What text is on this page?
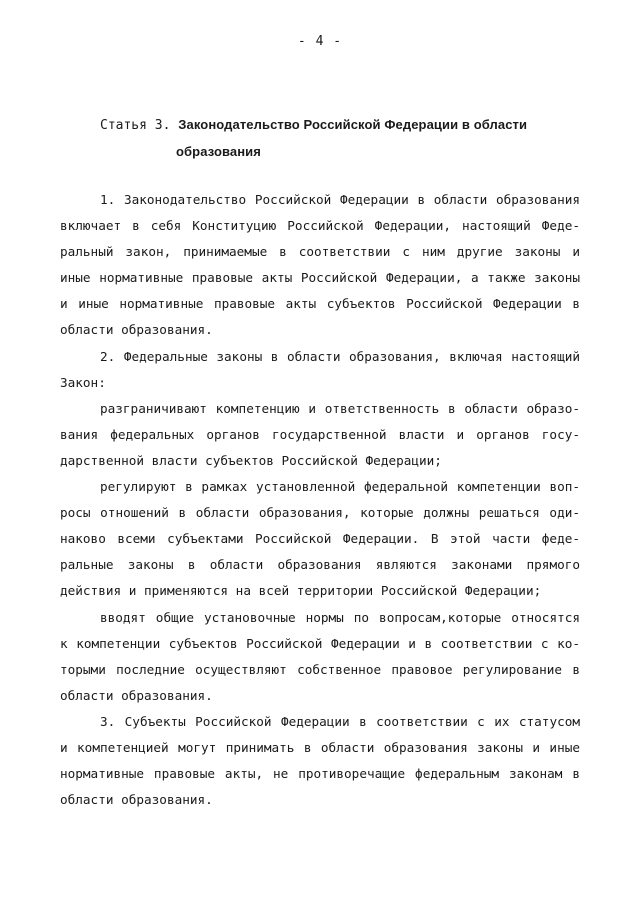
- 4 -
Статья 3. Законодательство Российской Федерации в области
образования
1. Законодательство Российской Федерации в области образования
включает в себя Конституцию Российской Федерации, настоящий Феде-
ральный закон, принимаемые в соответствии с ним другие законы и
иные нормативные правовые акты Российской Федерации, а также законы
и иные нормативные правовые акты субъектов Российской Федерации в
области образования.
2. Федеральные законы в области образования, включая настоящий
Закон:
разграничивают компетенцию и ответственность в области образо-
вания федеральных органов государственной власти и органов госу-
дарственной власти субъектов Российской Федерации;
регулируют в рамках установленной федеральной компетенции воп-
росы отношений в области образования, которые должны решаться оди-
наково всеми субъектами Российской Федерации. В этой части феде-
ральные законы в области образования являются законами прямого
действия и применяются на всей территории Российской Федерации;
вводят общие установочные нормы по вопросам,которые относятся
к компетенции субъектов Российской Федерации и в соответствии с ко-
торыми последние осуществляют собственное правовое регулирование в
области образования.
3. Субъекты Российской Федерации в соответствии с их статусом
и компетенцией могут принимать в области образования законы и иные
нормативные правовые акты, не противоречащие федеральным законам в
области образования.
